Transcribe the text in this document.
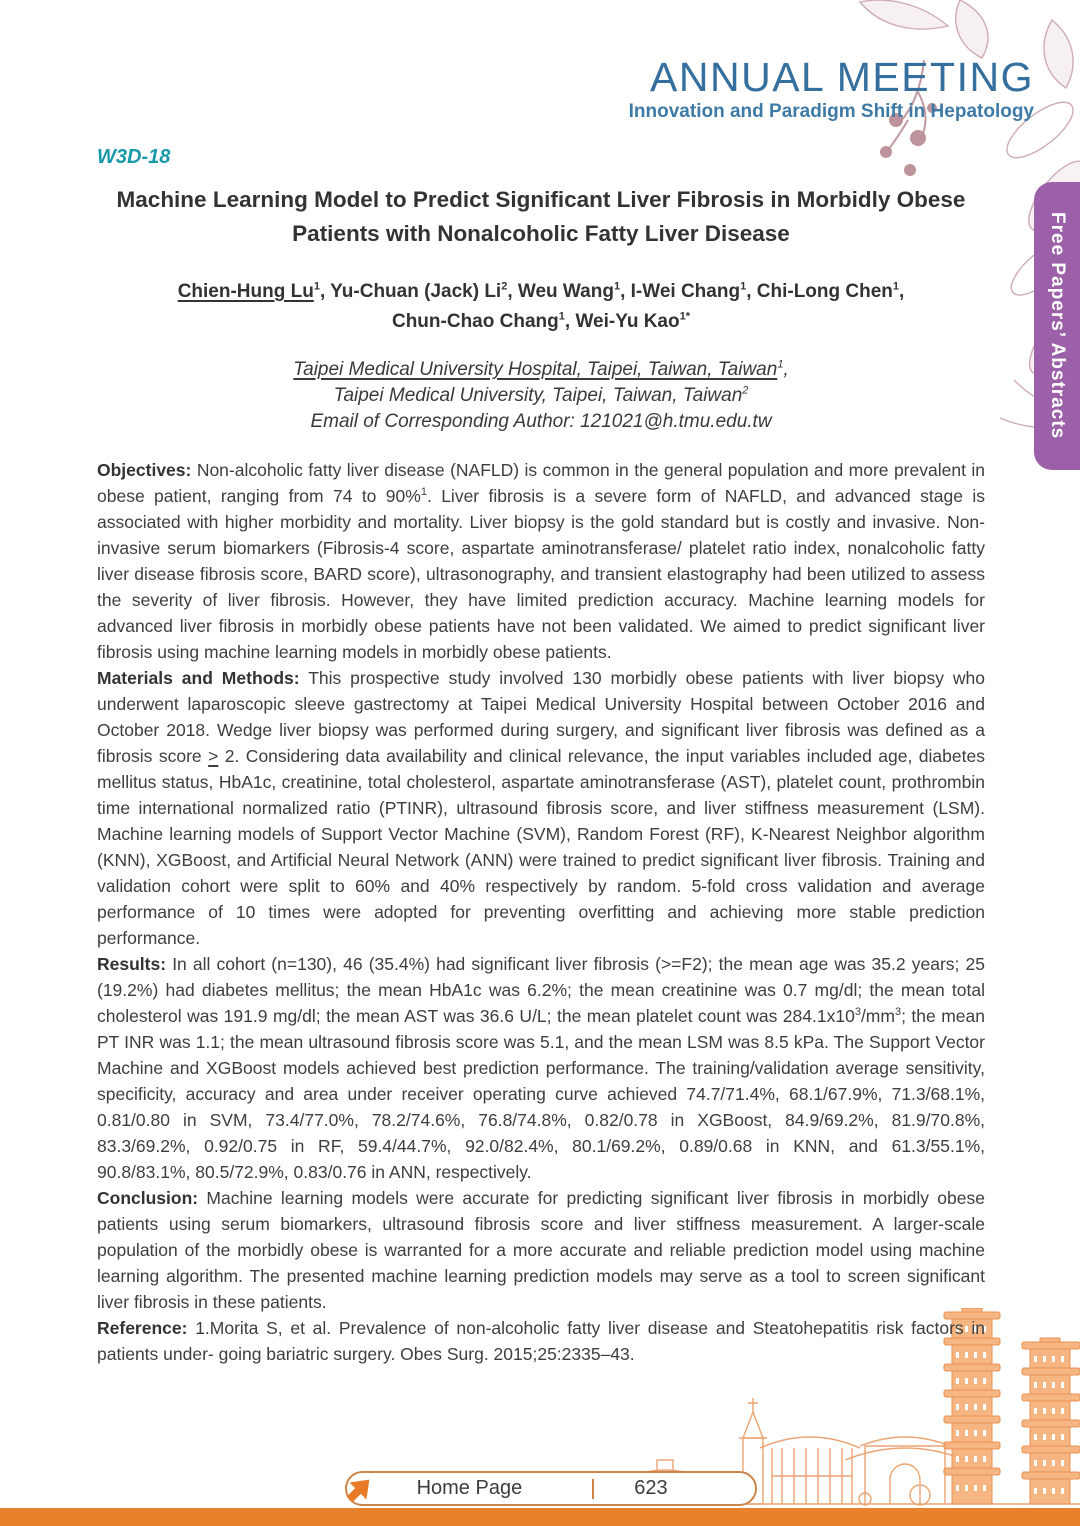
ANNUAL MEETING
Innovation and Paradigm Shift in Hepatology
Free Papers’ Abstracts
W3D-18
Machine Learning Model to Predict Significant Liver Fibrosis in Morbidly Obese
Patients with Nonalcoholic Fatty Liver Disease

Chien-Hung Lu$^1$, Yu-Chuan (Jack) Li$^2$, Weu Wang$^1$, I-Wei Chang$^1$, Chi-Long Chen$^1$,
Chun-Chao Chang$^1$, Wei-Yu Kao$^{1*}$

Taipei Medical University Hospital, Taipei, Taiwan, Taiwan$^1$,
Taipei Medical University, Taipei, Taiwan, Taiwan$^2$
Email of Corresponding Author: 121021@h.tmu.edu.tw

Objectives: Non-alcoholic fatty liver disease (NAFLD) is common in the general population and more prevalent in obese patient, ranging from 74 to 90%$^1$. Liver fibrosis is a severe form of NAFLD, and advanced stage is associated with higher morbidity and mortality. Liver biopsy is the gold standard but is costly and invasive. Non-invasive serum biomarkers (Fibrosis-4 score, aspartate aminotransferase/ platelet ratio index, nonalcoholic fatty liver disease fibrosis score, BARD score), ultrasonography, and transient elastography had been utilized to assess the severity of liver fibrosis. However, they have limited prediction accuracy. Machine learning models for advanced liver fibrosis in morbidly obese patients have not been validated. We aimed to predict significant liver fibrosis using machine learning models in morbidly obese patients.

Materials and Methods: This prospective study involved 130 morbidly obese patients with liver biopsy who underwent laparoscopic sleeve gastrectomy at Taipei Medical University Hospital between October 2016 and October 2018. Wedge liver biopsy was performed during surgery, and significant liver fibrosis was defined as a fibrosis score ≥ 2. Considering data availability and clinical relevance, the input variables included age, diabetes mellitus status, HbA1c, creatinine, total cholesterol, aspartate aminotransferase (AST), platelet count, prothrombin time international normalized ratio (PTINR), ultrasound fibrosis score, and liver stiffness measurement (LSM). Machine learning models of Support Vector Machine (SVM), Random Forest (RF), K-Nearest Neighbor algorithm (KNN), XGBoost, and Artificial Neural Network (ANN) were trained to predict significant liver fibrosis. Training and validation cohort were split to 60% and 40% respectively by random. 5-fold cross validation and average performance of 10 times were adopted for preventing overfitting and achieving more stable prediction performance.

Results: In all cohort (n=130), 46 (35.4%) had significant liver fibrosis (>=F2); the mean age was 35.2 years; 25 (19.2%) had diabetes mellitus; the mean HbA1c was 6.2%; the mean creatinine was 0.7 mg/dl; the mean total cholesterol was 191.9 mg/dl; the mean AST was 36.6 U/L; the mean platelet count was $284.1x10^3/mm^3$; the mean PT INR was 1.1; the mean ultrasound fibrosis score was 5.1, and the mean LSM was 8.5 kPa. The Support Vector Machine and XGBoost models achieved best prediction performance. The training/validation average sensitivity, specificity, accuracy and area under receiver operating curve achieved 74.7/71.4%, 68.1/67.9%, 71.3/68.1%, 0.81/0.80 in SVM, 73.4/77.0%, 78.2/74.6%, 76.8/74.8%, 0.82/0.78 in XGBoost, 84.9/69.2%, 81.9/70.8%, 83.3/69.2%, 0.92/0.75 in RF, 59.4/44.7%, 92.0/82.4%, 80.1/69.2%, 0.89/0.68 in KNN, and 61.3/55.1%, 90.8/83.1%, 80.5/72.9%, 0.83/0.76 in ANN, respectively.

Conclusion: Machine learning models were accurate for predicting significant liver fibrosis in morbidly obese patients using serum biomarkers, ultrasound fibrosis score and liver stiffness measurement. A larger-scale population of the morbidly obese is warranted for a more accurate and reliable prediction model using machine learning algorithm. The presented machine learning prediction models may serve as a tool to screen significant liver fibrosis in these patients.

Reference: 1.Morita S, et al. Prevalence of non-alcoholic fatty liver disease and Steatohepatitis risk factors in patients under- going bariatric surgery. Obes Surg. 2015;25:2335–43.

Home Page	623
